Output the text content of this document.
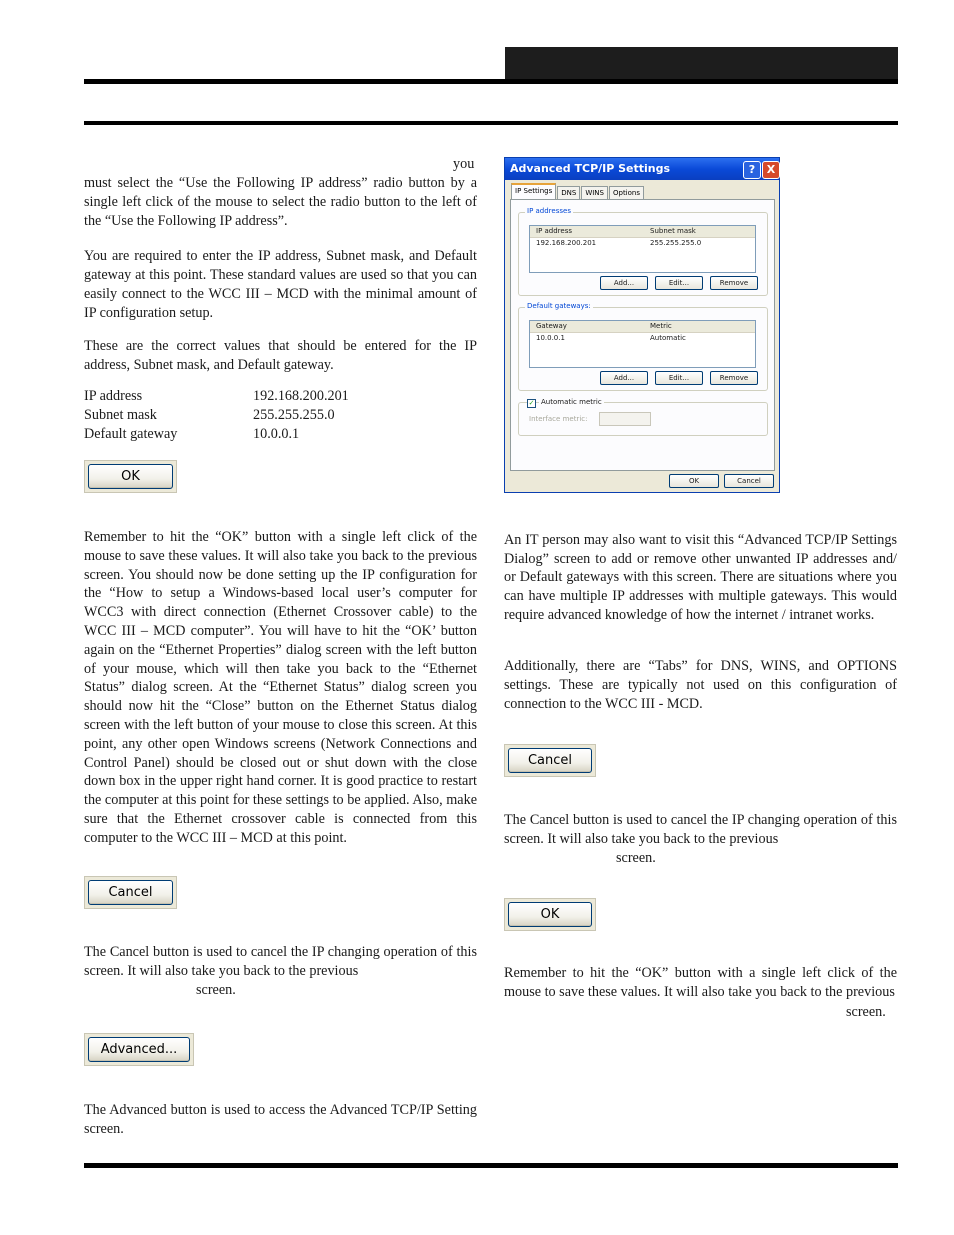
you must select the “Use the Following IP address” radio button by a single left click of the mouse to select the radio button to the left of the “Use the Following IP address”.

You are required to enter the IP address, Subnet mask, and Default gateway at this point. These standard values are used so that you can easily connect to the WCC III – MCD with the minimal amount of IP configuration setup.

These are the correct values that should be entered for the IP address, Subnet mask, and Default gateway.

IP address	192.168.200.201
Subnet mask	255.255.255.0
Default gateway	10.0.0.1
OK

Remember to hit the “OK” button with a single left click of the mouse to save these values. It will also take you back to the previous screen. You should now be done setting up the IP configuration for the “How to setup a Windows-based local user’s computer for WCC3 with direct connection (Ethernet Crossover cable) to the WCC III – MCD computer”. You will have to hit the “OK’ button again on the “Ethernet Properties” dialog screen with the left button of your mouse, which will then take you back to the “Ethernet Status” dialog screen. At the “Ethernet Status” dialog screen you should now hit the “Close” button on the Ethernet Status dialog screen with the left button of your mouse to close this screen. At this point, any other open Windows screens (Network Connections and Control Panel) should be closed out or shut down with the close down box in the upper right hand corner. It is good practice to restart the computer at this point for these settings to be applied. Also, make sure that the Ethernet crossover cable is connected from this computer to the WCC III – MCD at this point.

Cancel

The Cancel button is used to cancel the IP changing operation of this screen. It will also take you back to the previous

screen.
Advanced...

The Advanced button is used to access the Advanced TCP/IP Setting screen.

Advanced TCP/IP Settings	?	X
IP Settings	DNS	WINS	Options
IP addresses
IP address	Subnet mask
192.168.200.201	255.255.255.0
Add...	Edit...	Remove
Default gateways:
Gateway	Metric
10.0.0.1	Automatic
Add...	Edit...	Remove
✓ Automatic metric
Interface metric:
OK	Cancel

An IT person may also want to visit this “Advanced TCP/IP Settings Dialog” screen to add or remove other unwanted IP addresses and/ or Default gateways with this screen. There are situations where you can have multiple IP addresses with multiple gateways. This would require advanced knowledge of how the internet / intranet works.

Additionally, there are “Tabs” for DNS, WINS, and OPTIONS settings. These are typically not used on this configuration of connection to the WCC III - MCD.

Cancel

The Cancel button is used to cancel the IP changing operation of this screen. It will also take you back to the previous

screen.
OK

Remember to hit the “OK” button with a single left click of the mouse to save these values. It will also take you back to the previous

screen.
